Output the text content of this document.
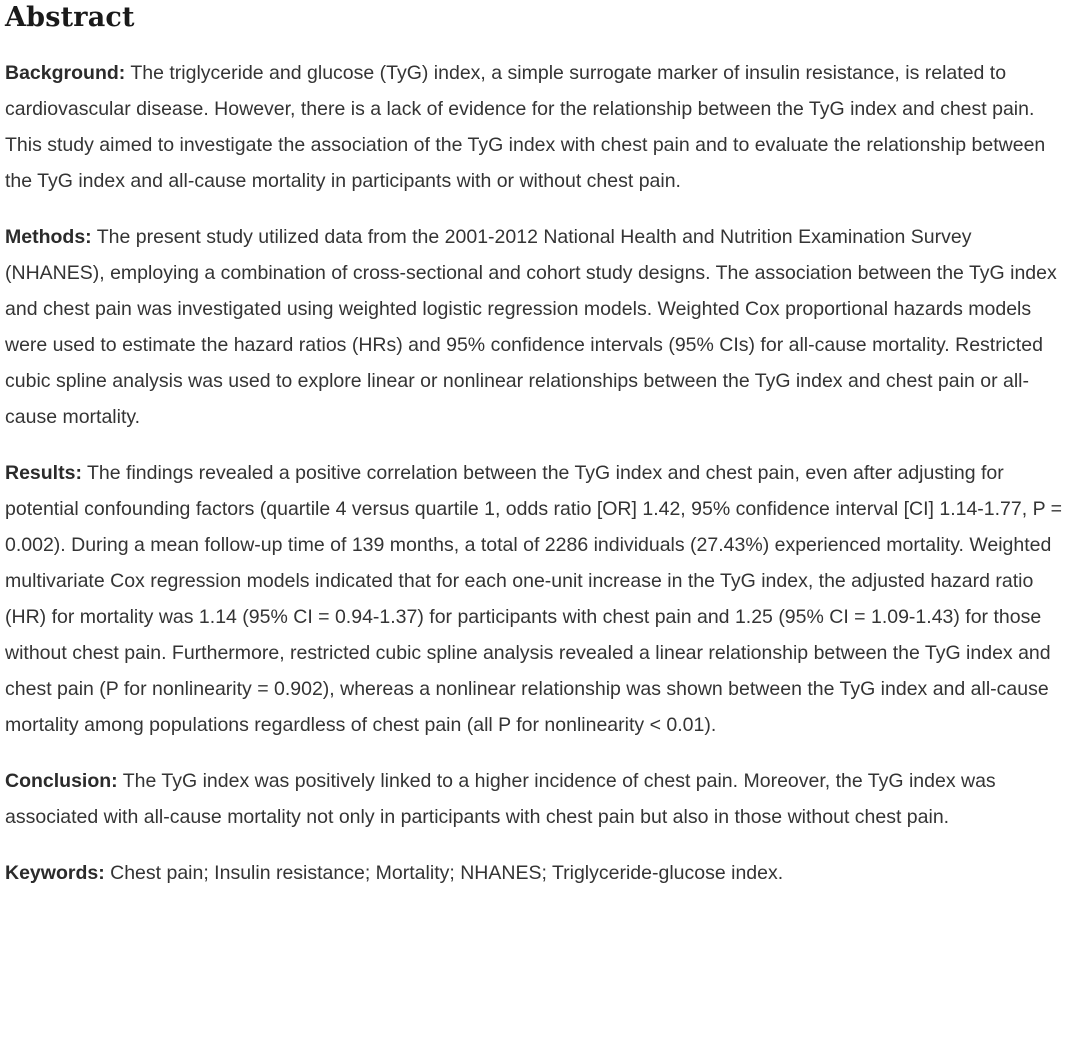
Abstract

Background: The triglyceride and glucose (TyG) index, a simple surrogate marker of insulin resistance, is related to cardiovascular disease. However, there is a lack of evidence for the relationship between the TyG index and chest pain. This study aimed to investigate the association of the TyG index with chest pain and to evaluate the relationship between the TyG index and all-cause mortality in participants with or without chest pain.

Methods: The present study utilized data from the 2001-2012 National Health and Nutrition Examination Survey (NHANES), employing a combination of cross-sectional and cohort study designs. The association between the TyG index and chest pain was investigated using weighted logistic regression models. Weighted Cox proportional hazards models were used to estimate the hazard ratios (HRs) and 95% confidence intervals (95% CIs) for all-cause mortality. Restricted cubic spline analysis was used to explore linear or nonlinear relationships between the TyG index and chest pain or all-cause mortality.

Results: The findings revealed a positive correlation between the TyG index and chest pain, even after adjusting for potential confounding factors (quartile 4 versus quartile 1, odds ratio [OR] 1.42, 95% confidence interval [CI] 1.14-1.77, P = 0.002). During a mean follow-up time of 139 months, a total of 2286 individuals (27.43%) experienced mortality. Weighted multivariate Cox regression models indicated that for each one-unit increase in the TyG index, the adjusted hazard ratio (HR) for mortality was 1.14 (95% CI = 0.94-1.37) for participants with chest pain and 1.25 (95% CI = 1.09-1.43) for those without chest pain. Furthermore, restricted cubic spline analysis revealed a linear relationship between the TyG index and chest pain (P for nonlinearity = 0.902), whereas a nonlinear relationship was shown between the TyG index and all-cause mortality among populations regardless of chest pain (all P for nonlinearity < 0.01).

Conclusion: The TyG index was positively linked to a higher incidence of chest pain. Moreover, the TyG index was associated with all-cause mortality not only in participants with chest pain but also in those without chest pain.

Keywords: Chest pain; Insulin resistance; Mortality; NHANES; Triglyceride-glucose index.
